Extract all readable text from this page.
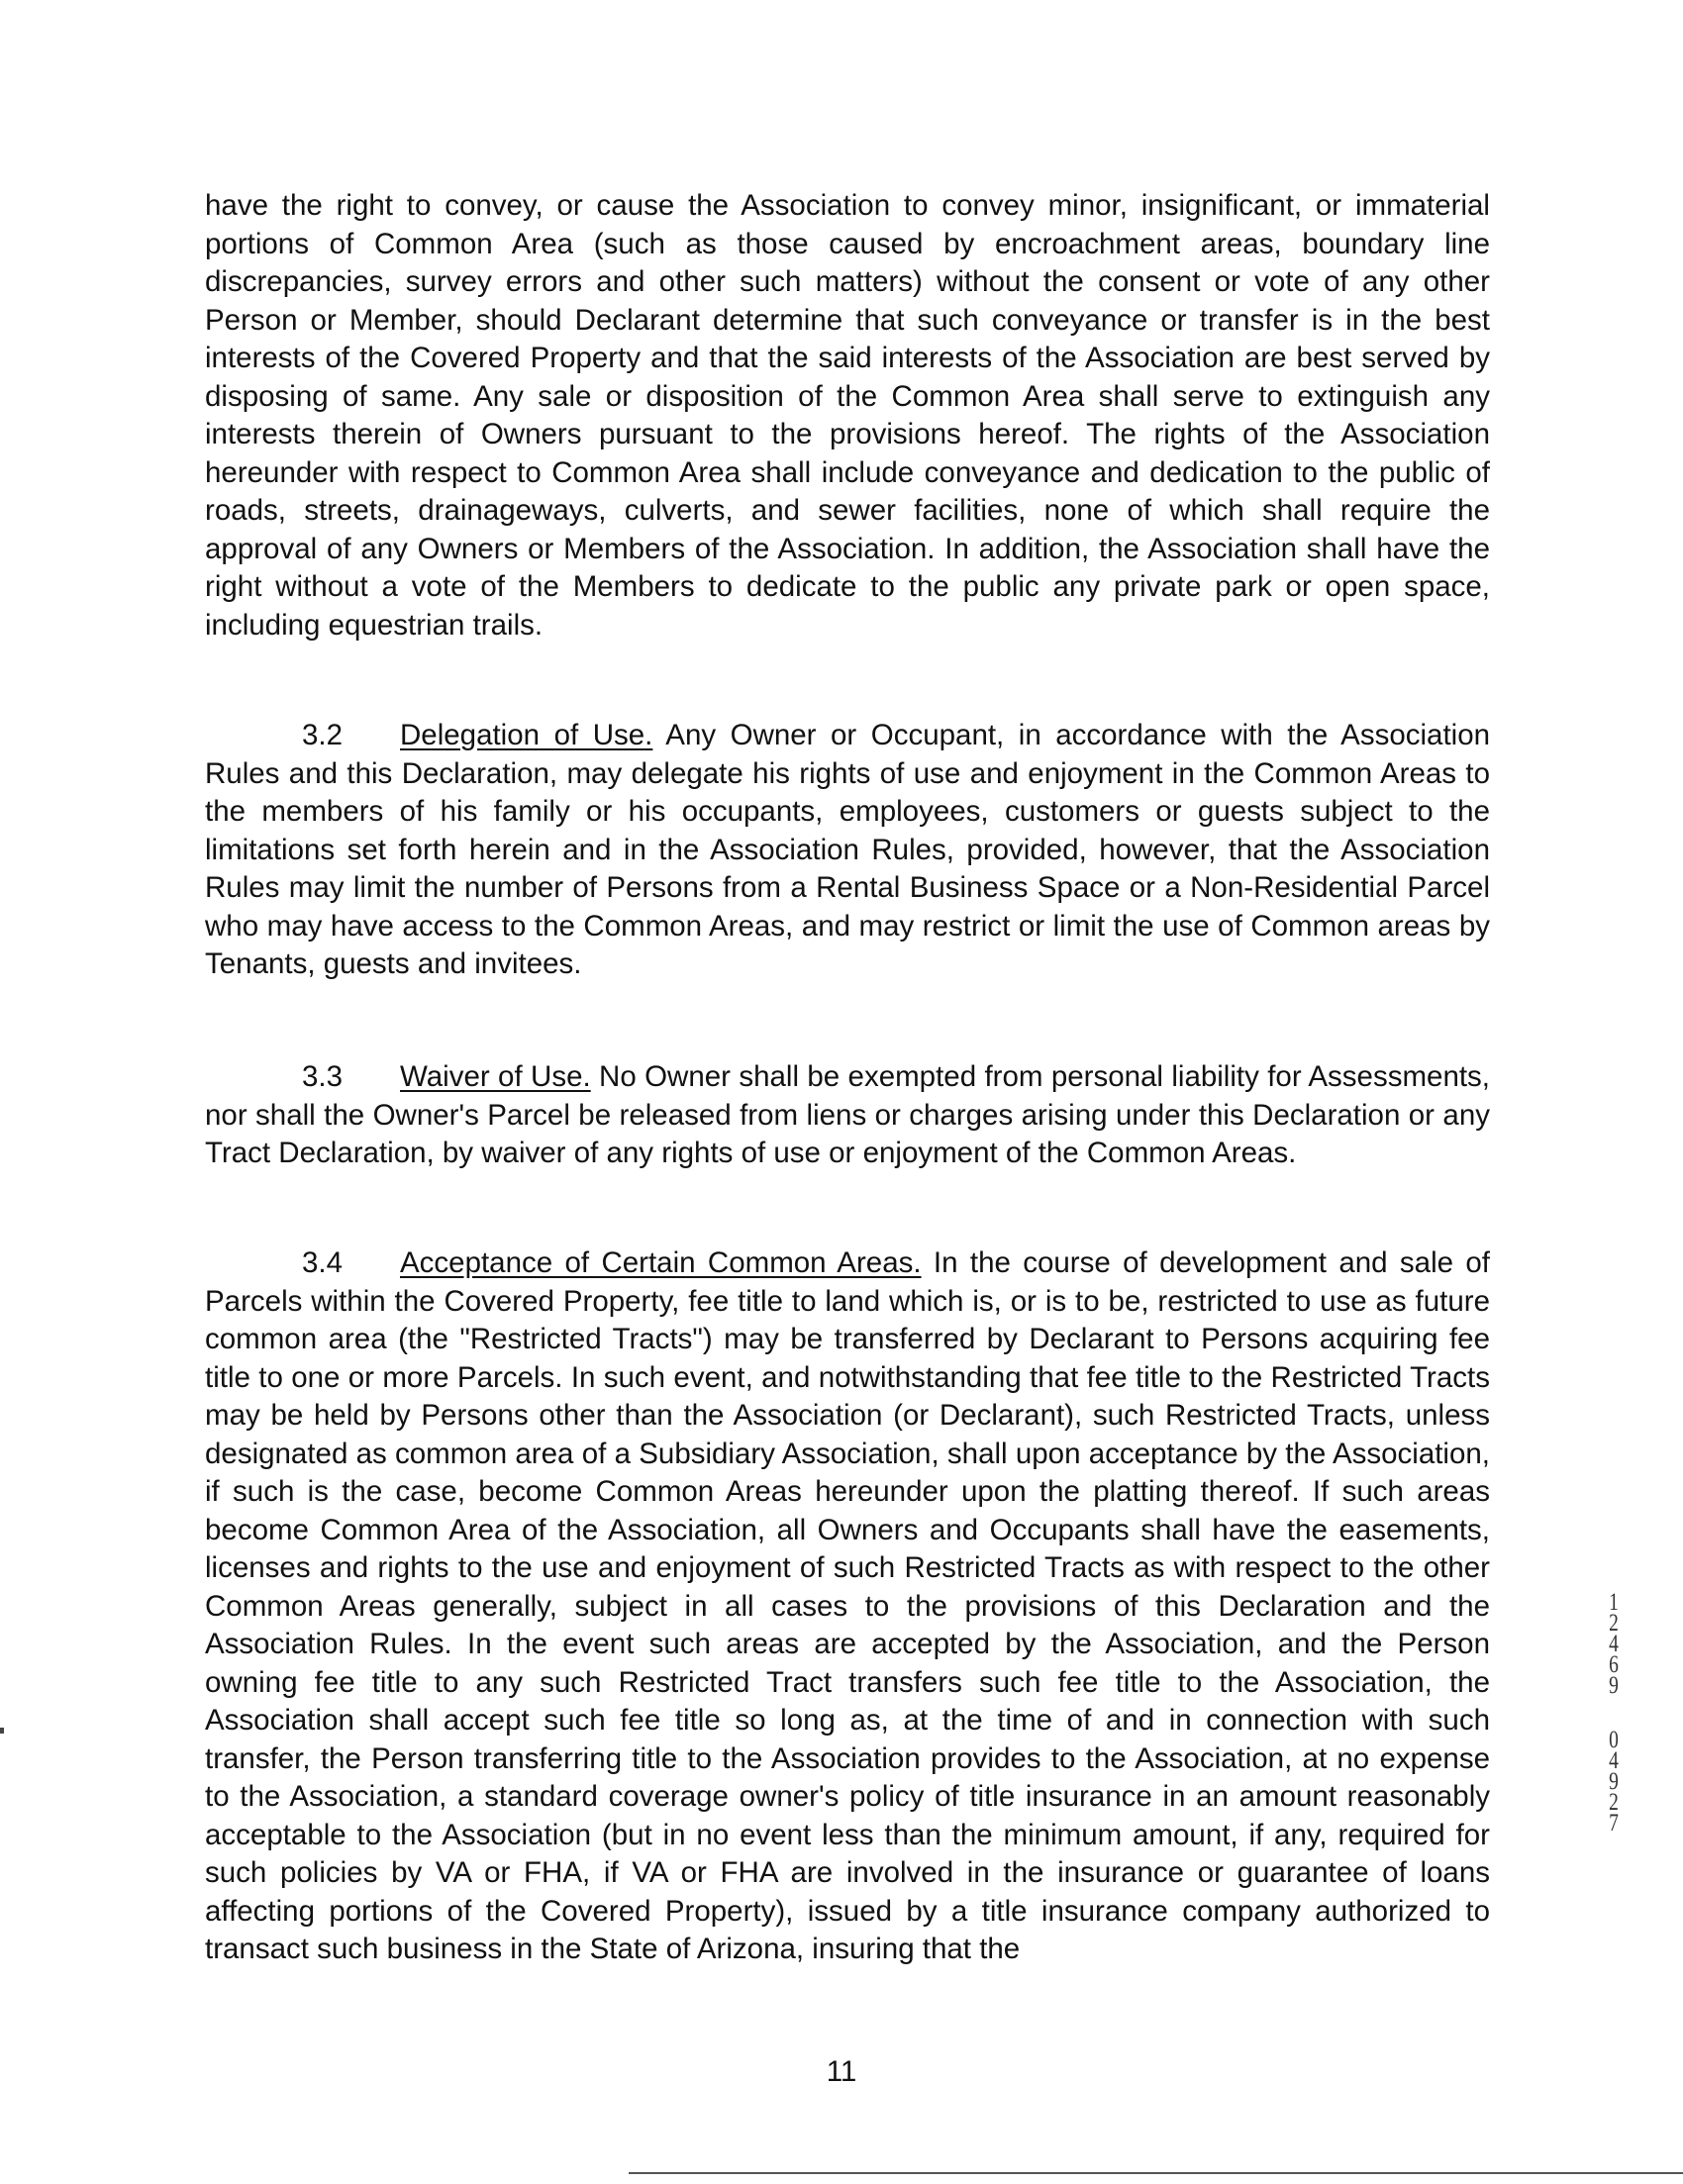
have the right to convey, or cause the Association to convey minor, insignificant, or immaterial portions of Common Area (such as those caused by encroachment areas, boundary line discrepancies, survey errors and other such matters) without the consent or vote of any other Person or Member, should Declarant determine that such conveyance or transfer is in the best interests of the Covered Property and that the said interests of the Association are best served by disposing of same. Any sale or disposition of the Common Area shall serve to extinguish any interests therein of Owners pursuant to the provisions hereof. The rights of the Association hereunder with respect to Common Area shall include conveyance and dedication to the public of roads, streets, drainageways, culverts, and sewer facilities, none of which shall require the approval of any Owners or Members of the Association. In addition, the Association shall have the right without a vote of the Members to dedicate to the public any private park or open space, including equestrian trails.

3.2 Delegation of Use. Any Owner or Occupant, in accordance with the Association Rules and this Declaration, may delegate his rights of use and enjoyment in the Common Areas to the members of his family or his occupants, employees, customers or guests subject to the limitations set forth herein and in the Association Rules, provided, however, that the Association Rules may limit the number of Persons from a Rental Business Space or a Non-Residential Parcel who may have access to the Common Areas, and may restrict or limit the use of Common areas by Tenants, guests and invitees.

3.3 Waiver of Use. No Owner shall be exempted from personal liability for Assessments, nor shall the Owner's Parcel be released from liens or charges arising under this Declaration or any Tract Declaration, by waiver of any rights of use or enjoyment of the Common Areas.

3.4 Acceptance of Certain Common Areas. In the course of development and sale of Parcels within the Covered Property, fee title to land which is, or is to be, restricted to use as future common area (the "Restricted Tracts") may be transferred by Declarant to Persons acquiring fee title to one or more Parcels. In such event, and notwithstanding that fee title to the Restricted Tracts may be held by Persons other than the Association (or Declarant), such Restricted Tracts, unless designated as common area of a Subsidiary Association, shall upon acceptance by the Association, if such is the case, become Common Areas hereunder upon the platting thereof. If such areas become Common Area of the Association, all Owners and Occupants shall have the easements, licenses and rights to the use and enjoyment of such Restricted Tracts as with respect to the other Common Areas generally, subject in all cases to the provisions of this Declaration and the Association Rules. In the event such areas are accepted by the Association, and the Person owning fee title to any such Restricted Tract transfers such fee title to the Association, the Association shall accept such fee title so long as, at the time of and in connection with such transfer, the Person transferring title to the Association provides to the Association, at no expense to the Association, a standard coverage owner's policy of title insurance in an amount reasonably acceptable to the Association (but in no event less than the minimum amount, if any, required for such policies by VA or FHA, if VA or FHA are involved in the insurance or guarantee of loans affecting portions of the Covered Property), issued by a title insurance company authorized to transact such business in the State of Arizona, insuring that the

11
1
2
4
6
9
0
4
9
2
7
